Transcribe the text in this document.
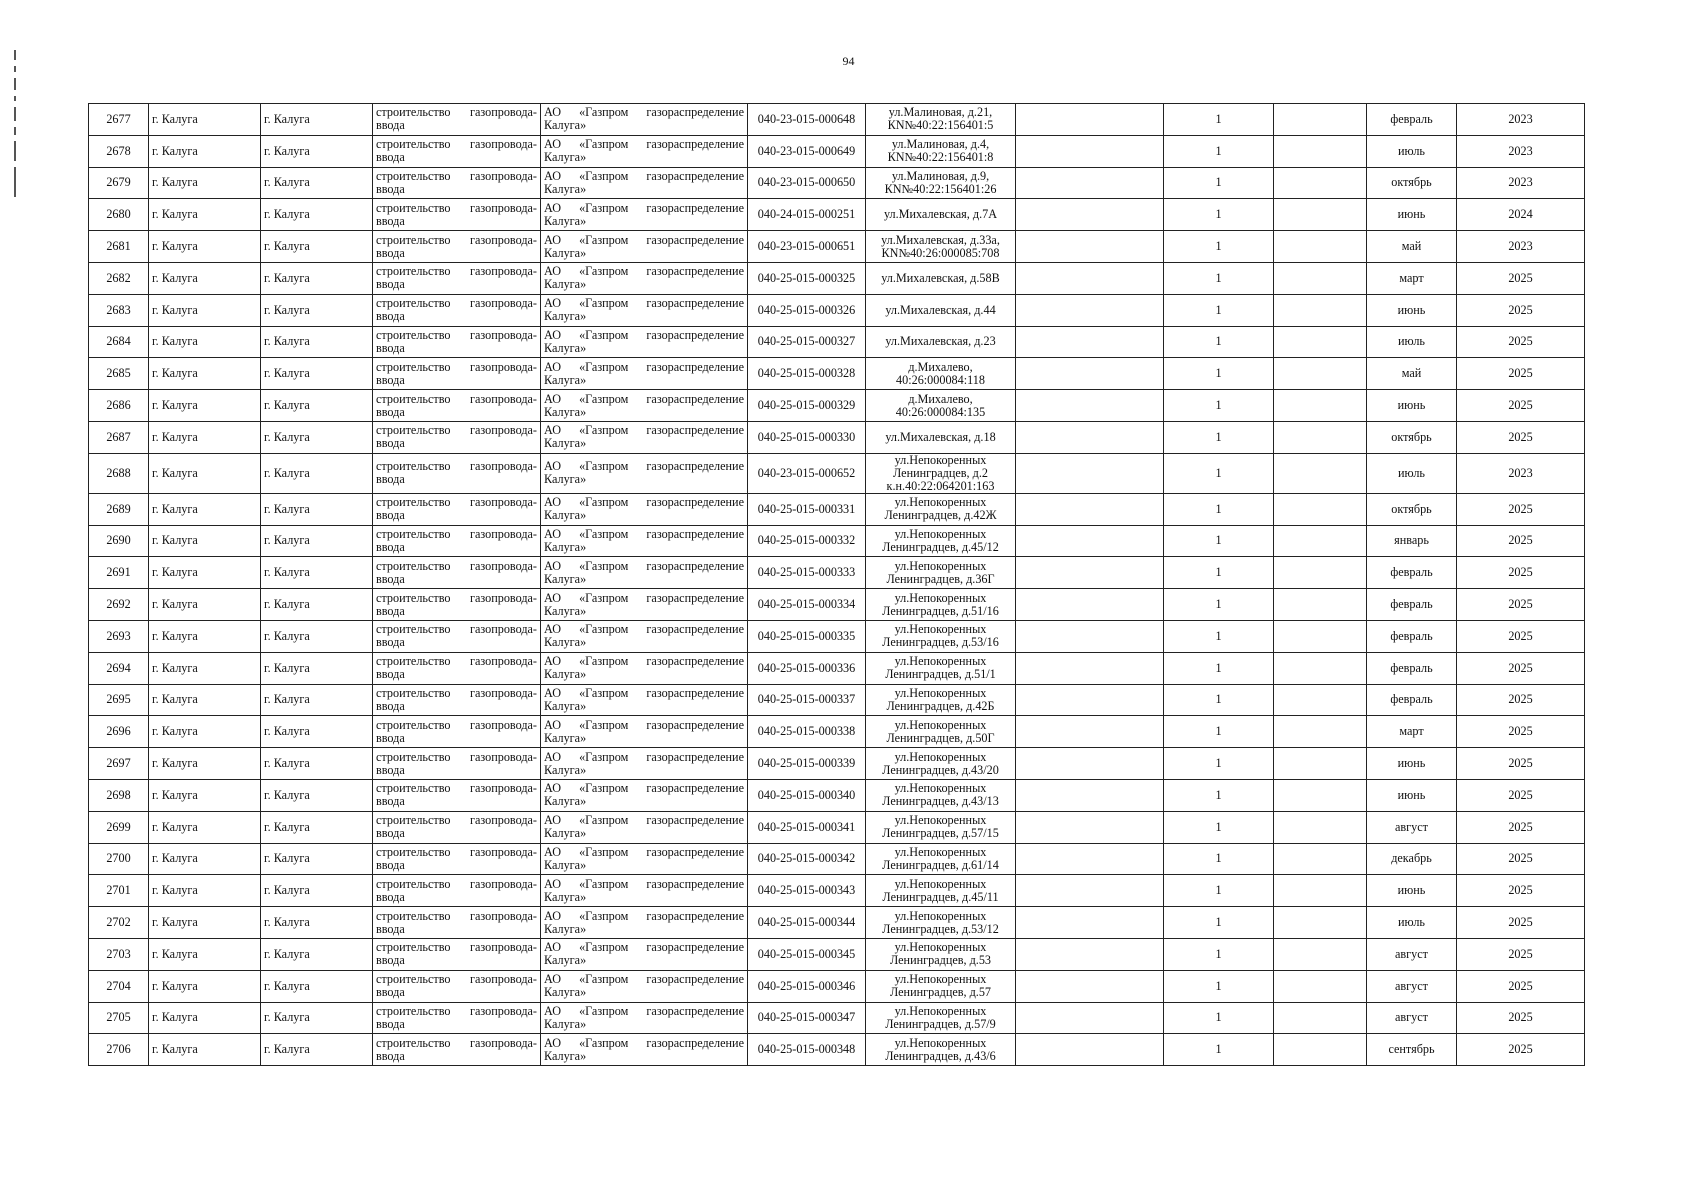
94
2677	г. Калуга	г. Калуга	строительство газопровода-ввода	АО «Газпром газораспределение Калуга»	040-23-015-000648	ул.Малиновая, д.21, КN№40:22:156401:5		1		февраль	2023
2678	г. Калуга	г. Калуга	строительство газопровода-ввода	АО «Газпром газораспределение Калуга»	040-23-015-000649	ул.Малиновая, д.4, КN№40:22:156401:8		1		июль	2023
2679	г. Калуга	г. Калуга	строительство газопровода-ввода	АО «Газпром газораспределение Калуга»	040-23-015-000650	ул.Малиновая, д.9, КN№40:22:156401:26		1		октябрь	2023
2680	г. Калуга	г. Калуга	строительство газопровода-ввода	АО «Газпром газораспределение Калуга»	040-24-015-000251	ул.Михалевская, д.7А		1		июнь	2024
2681	г. Калуга	г. Калуга	строительство газопровода-ввода	АО «Газпром газораспределение Калуга»	040-23-015-000651	ул.Михалевская, д.33а, КN№40:26:000085:708		1		май	2023
2682	г. Калуга	г. Калуга	строительство газопровода-ввода	АО «Газпром газораспределение Калуга»	040-25-015-000325	ул.Михалевская, д.58В		1		март	2025
2683	г. Калуга	г. Калуга	строительство газопровода-ввода	АО «Газпром газораспределение Калуга»	040-25-015-000326	ул.Михалевская, д.44		1		июнь	2025
2684	г. Калуга	г. Калуга	строительство газопровода-ввода	АО «Газпром газораспределение Калуга»	040-25-015-000327	ул.Михалевская, д.23		1		июль	2025
2685	г. Калуга	г. Калуга	строительство газопровода-ввода	АО «Газпром газораспределение Калуга»	040-25-015-000328	д.Михалево, 40:26:000084:118		1		май	2025
2686	г. Калуга	г. Калуга	строительство газопровода-ввода	АО «Газпром газораспределение Калуга»	040-25-015-000329	д.Михалево, 40:26:000084:135		1		июнь	2025
2687	г. Калуга	г. Калуга	строительство газопровода-ввода	АО «Газпром газораспределение Калуга»	040-25-015-000330	ул.Михалевская, д.18		1		октябрь	2025
2688	г. Калуга	г. Калуга	строительство газопровода-ввода	АО «Газпром газораспределение Калуга»	040-23-015-000652	ул.Непокоренных Ленинградцев, д.2 к.н.40:22:064201:163		1		июль	2023
2689	г. Калуга	г. Калуга	строительство газопровода-ввода	АО «Газпром газораспределение Калуга»	040-25-015-000331	ул.Непокоренных Ленинградцев, д.42Ж		1		октябрь	2025
2690	г. Калуга	г. Калуга	строительство газопровода-ввода	АО «Газпром газораспределение Калуга»	040-25-015-000332	ул.Непокоренных Ленинградцев, д.45/12		1		январь	2025
2691	г. Калуга	г. Калуга	строительство газопровода-ввода	АО «Газпром газораспределение Калуга»	040-25-015-000333	ул.Непокоренных Ленинградцев, д.36Г		1		февраль	2025
2692	г. Калуга	г. Калуга	строительство газопровода-ввода	АО «Газпром газораспределение Калуга»	040-25-015-000334	ул.Непокоренных Ленинградцев, д.51/16		1		февраль	2025
2693	г. Калуга	г. Калуга	строительство газопровода-ввода	АО «Газпром газораспределение Калуга»	040-25-015-000335	ул.Непокоренных Ленинградцев, д.53/16		1		февраль	2025
2694	г. Калуга	г. Калуга	строительство газопровода-ввода	АО «Газпром газораспределение Калуга»	040-25-015-000336	ул.Непокоренных Ленинградцев, д.51/1		1		февраль	2025
2695	г. Калуга	г. Калуга	строительство газопровода-ввода	АО «Газпром газораспределение Калуга»	040-25-015-000337	ул.Непокоренных Ленинградцев, д.42Б		1		февраль	2025
2696	г. Калуга	г. Калуга	строительство газопровода-ввода	АО «Газпром газораспределение Калуга»	040-25-015-000338	ул.Непокоренных Ленинградцев, д.50Г		1		март	2025
2697	г. Калуга	г. Калуга	строительство газопровода-ввода	АО «Газпром газораспределение Калуга»	040-25-015-000339	ул.Непокоренных Ленинградцев, д.43/20		1		июнь	2025
2698	г. Калуга	г. Калуга	строительство газопровода-ввода	АО «Газпром газораспределение Калуга»	040-25-015-000340	ул.Непокоренных Ленинградцев, д.43/13		1		июнь	2025
2699	г. Калуга	г. Калуга	строительство газопровода-ввода	АО «Газпром газораспределение Калуга»	040-25-015-000341	ул.Непокоренных Ленинградцев, д.57/15		1		август	2025
2700	г. Калуга	г. Калуга	строительство газопровода-ввода	АО «Газпром газораспределение Калуга»	040-25-015-000342	ул.Непокоренных Ленинградцев, д.61/14		1		декабрь	2025
2701	г. Калуга	г. Калуга	строительство газопровода-ввода	АО «Газпром газораспределение Калуга»	040-25-015-000343	ул.Непокоренных Ленинградцев, д.45/11		1		июнь	2025
2702	г. Калуга	г. Калуга	строительство газопровода-ввода	АО «Газпром газораспределение Калуга»	040-25-015-000344	ул.Непокоренных Ленинградцев, д.53/12		1		июль	2025
2703	г. Калуга	г. Калуга	строительство газопровода-ввода	АО «Газпром газораспределение Калуга»	040-25-015-000345	ул.Непокоренных Ленинградцев, д.53		1		август	2025
2704	г. Калуга	г. Калуга	строительство газопровода-ввода	АО «Газпром газораспределение Калуга»	040-25-015-000346	ул.Непокоренных Ленинградцев, д.57		1		август	2025
2705	г. Калуга	г. Калуга	строительство газопровода-ввода	АО «Газпром газораспределение Калуга»	040-25-015-000347	ул.Непокоренных Ленинградцев, д.57/9		1		август	2025
2706	г. Калуга	г. Калуга	строительство газопровода-ввода	АО «Газпром газораспределение Калуга»	040-25-015-000348	ул.Непокоренных Ленинградцев, д.43/6		1		сентябрь	2025
